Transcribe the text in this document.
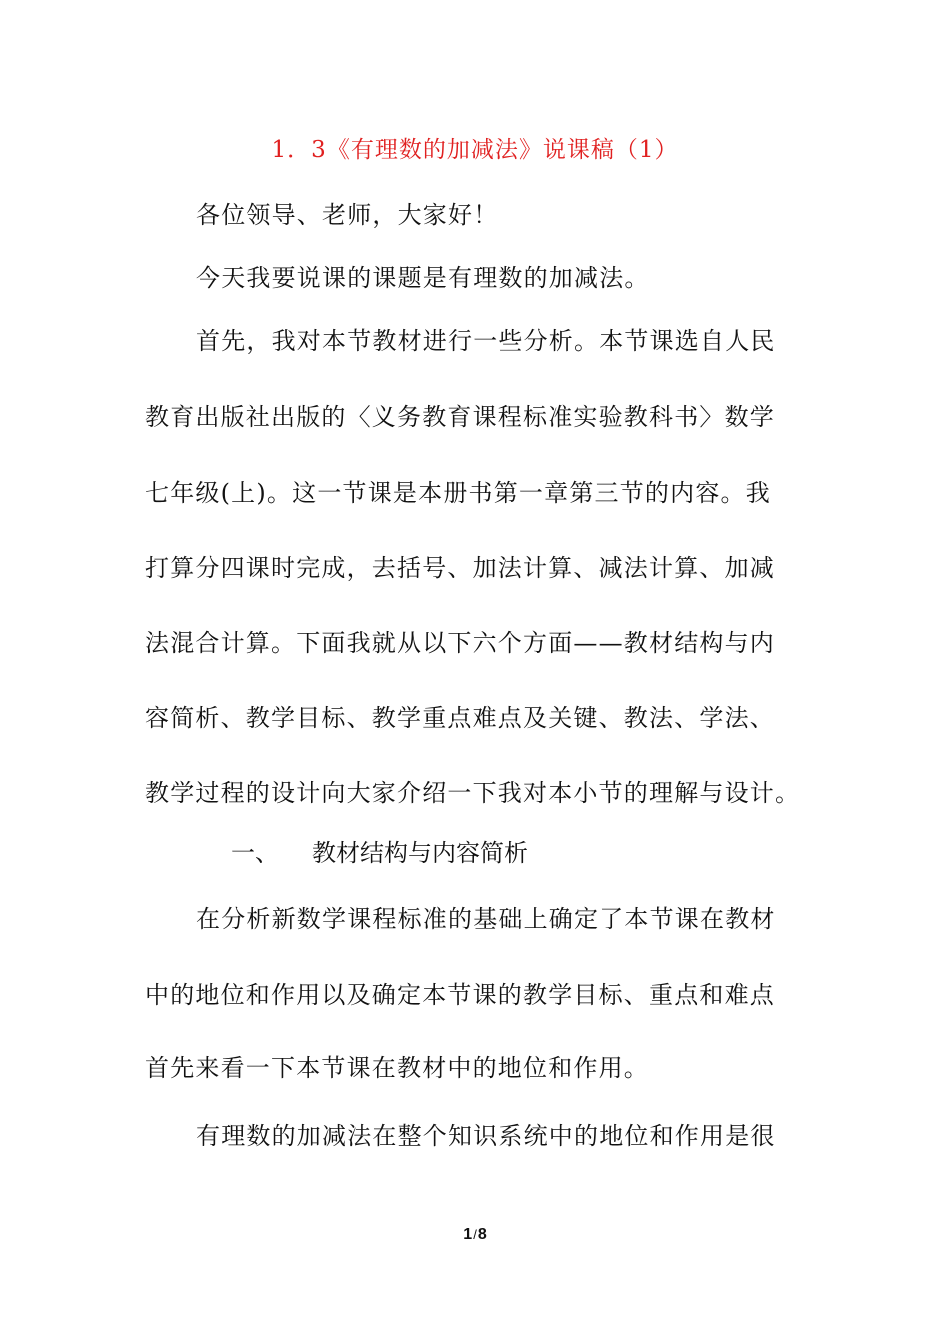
1．3《有理数的加减法》说课稿（1）
各位领导、老师，大家好！
今天我要说课的课题是有理数的加减法。
首先，我对本节教材进行一些分析。本节课选自人民
教育出版社出版的〈义务教育课程标准实验教科书〉数学
七年级(上)。这一节课是本册书第一章第三节的内容。我
打算分四课时完成，去括号、加法计算、减法计算、加减
法混合计算。下面我就从以下六个方面——教材结构与内
容简析、教学目标、教学重点难点及关键、教法、学法、
教学过程的设计向大家介绍一下我对本小节的理解与设计。
一、 教材结构与内容简析
在分析新数学课程标准的基础上确定了本节课在教材
中的地位和作用以及确定本节课的教学目标、重点和难点
首先来看一下本节课在教材中的地位和作用。
有理数的加减法在整个知识系统中的地位和作用是很
1/8
